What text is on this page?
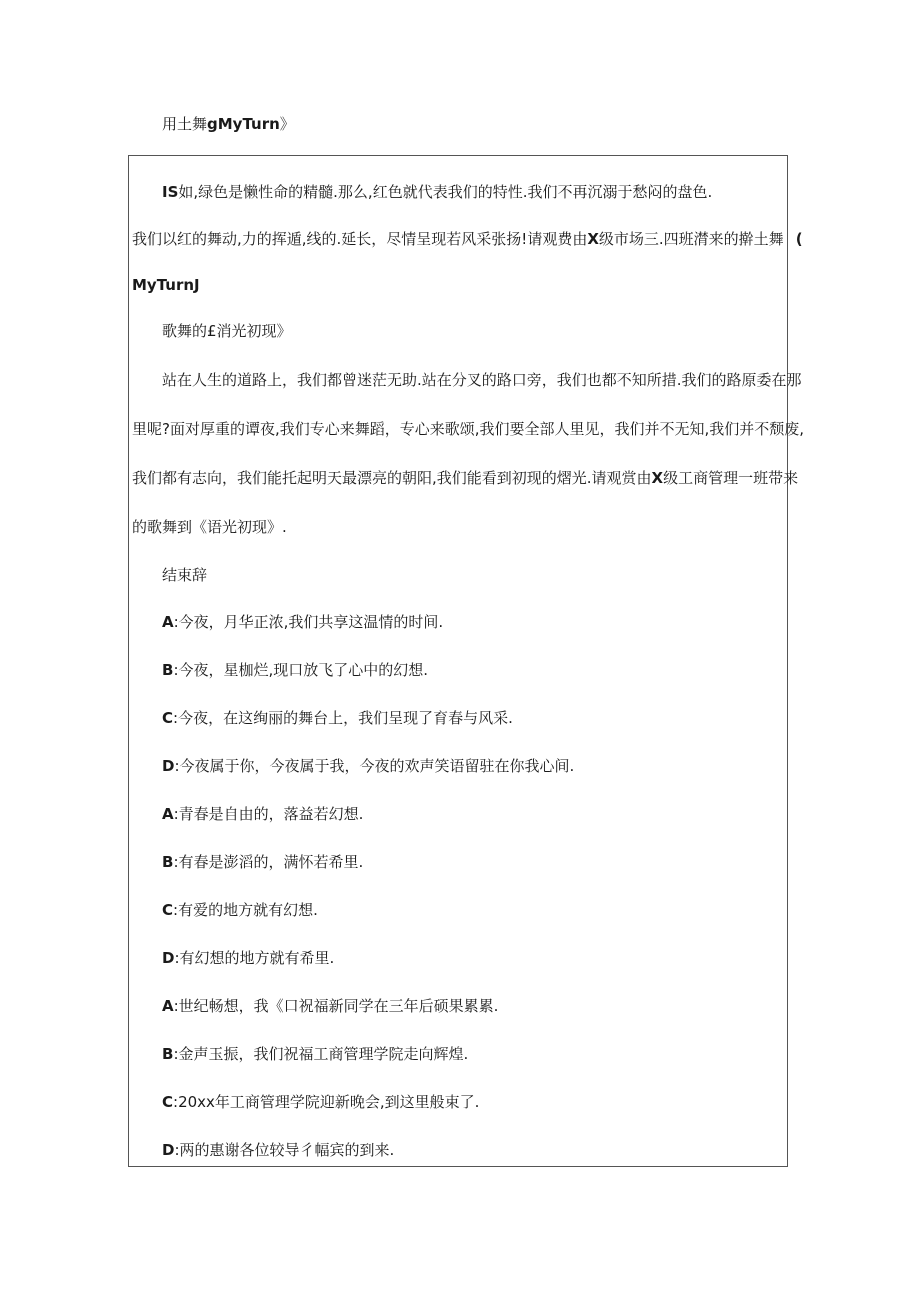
用土舞gMyTurn》
IS如,绿色是懒性命的精髓.那么,红色就代表我们的特性.我们不再沉溺于愁闷的盘色.
我们以红的舞动,力的挥遁,线的.延长，尽情呈现若风采张扬!请观费由X级市场三.四班潸来的擀土舞 (
MyTurnJ
歌舞的£消光初现》
站在人生的道路上，我们都曾迷茫无助.站在分叉的路口旁，我们也都不知所措.我们的路原委在那
里呢?面对厚重的谭夜,我们专心来舞蹈，专心来歌颂,我们要全部人里见，我们并不无知,我们并不颓废,
我们都有志向，我们能托起明天最漂亮的朝阳,我们能看到初现的熠光.请观赏由X级工商管理一班带来
的歌舞到《语光初现》.
结束辞
A:今夜，月华正浓,我们共享这温情的时间.
B:今夜，星枷烂,现口放飞了心中的幻想.
C:今夜，在这绚丽的舞台上，我们呈现了育春与风采.
D:今夜属于你，今夜属于我，今夜的欢声笑语留驻在你我心间.
A:青春是自由的，落益若幻想.
B:有春是澎滔的，满怀若希里.
C:有爱的地方就有幻想.
D:有幻想的地方就有希里.
A:世纪畅想，我《口祝福新同学在三年后硕果累累.
B:金声玉振，我们祝福工商管理学院走向辉煌.
C:20xx年工商管理学院迎新晚会,到这里般束了.
D:两的惠谢各位较导彳幅宾的到来.
